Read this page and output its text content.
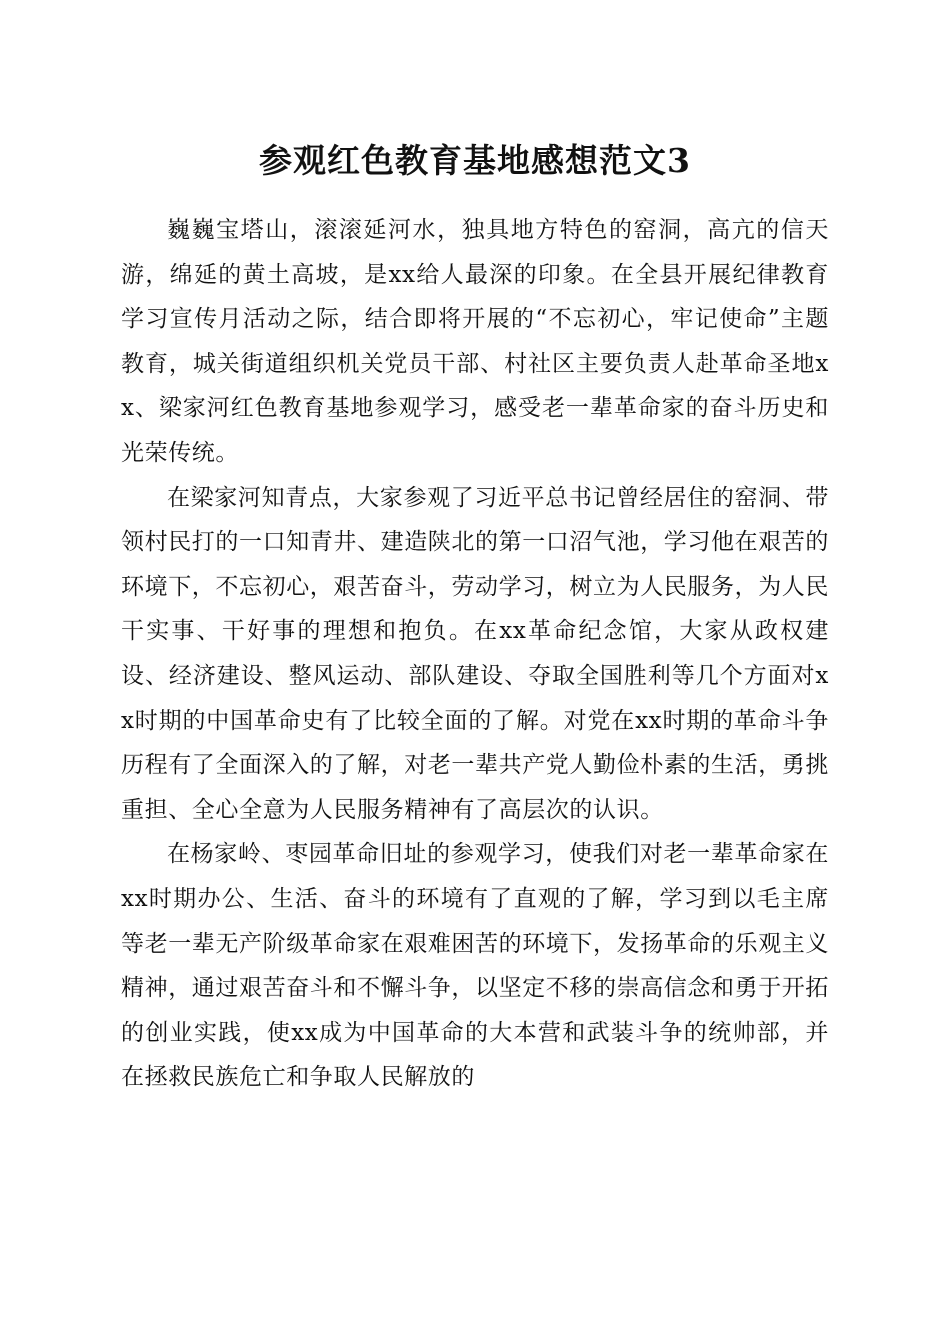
参观红色教育基地感想范文3

巍巍宝塔山，滚滚延河水，独具地方特色的窑洞，高亢的信天游，绵延的黄土高坡，是xx给人最深的印象。在全县开展纪律教育学习宣传月活动之际，结合即将开展的“不忘初心，牢记使命”主题教育，城关街道组织机关党员干部、村社区主要负责人赴革命圣地xx、梁家河红色教育基地参观学习，感受老一辈革命家的奋斗历史和光荣传统。

在梁家河知青点，大家参观了习近平总书记曾经居住的窑洞、带领村民打的一口知青井、建造陕北的第一口沼气池，学习他在艰苦的环境下，不忘初心，艰苦奋斗，劳动学习，树立为人民服务，为人民干实事、干好事的理想和抱负。在xx革命纪念馆，大家从政权建设、经济建设、整风运动、部队建设、夺取全国胜利等几个方面对xx时期的中国革命史有了比较全面的了解。对党在xx时期的革命斗争历程有了全面深入的了解，对老一辈共产党人勤俭朴素的生活，勇挑重担、全心全意为人民服务精神有了高层次的认识。

在杨家岭、枣园革命旧址的参观学习，使我们对老一辈革命家在xx时期办公、生活、奋斗的环境有了直观的了解，学习到以毛主席等老一辈无产阶级革命家在艰难困苦的环境下，发扬革命的乐观主义精神，通过艰苦奋斗和不懈斗争，以坚定不移的崇高信念和勇于开拓的创业实践，使xx成为中国革命的大本营和武装斗争的统帅部，并在拯救民族危亡和争取人民解放的
